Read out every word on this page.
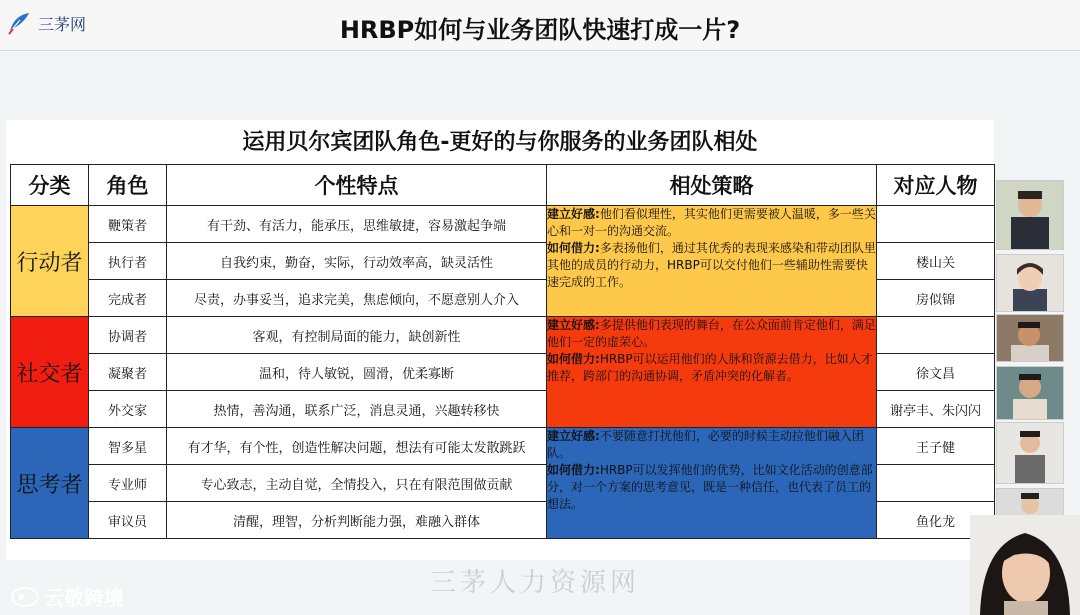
三茅网	HRBP如何与业务团队快速打成一片?
运用贝尔宾团队角色-更好的与你服务的业务团队相处
分类	角色	个性特点	相处策略	对应人物
行动者	鞭策者	有干劲、有活力，能承压，思维敏捷，容易激起争端	建立好感:他们看似理性，其实他们更需要被人温暖，多一些关心和一对一的沟通交流。
如何借力:多表扬他们，通过其优秀的表现来感染和带动团队里其他的成员的行动力，HRBP可以交付他们一些辅助性需要快速完成的工作。	
	执行者	自我约束，勤奋，实际，行动效率高，缺灵活性		楼山关
	完成者	尽责，办事妥当，追求完美，焦虑倾向，不愿意别人介入		房似锦
社交者	协调者	客观，有控制局面的能力，缺创新性	建立好感:多提供他们表现的舞台，在公众面前肯定他们，满足他们一定的虚荣心。
如何借力:HRBP可以运用他们的人脉和资源去借力，比如人才推荐，跨部门的沟通协调，矛盾冲突的化解者。	
	凝聚者	温和，待人敏锐，圆滑，优柔寡断		徐文昌
	外交家	热情，善沟通，联系广泛，消息灵通，兴趣转移快		谢亭丰、朱闪闪
思考者	智多星	有才华，有个性，创造性解决问题，想法有可能太发散跳跃	建立好感:不要随意打扰他们，必要的时候主动拉他们融入团队。
如何借力:HRBP可以发挥他们的优势，比如文化活动的创意部分，对一个方案的思考意见，既是一种信任，也代表了员工的想法。	王子健
	专业师	专心致志，主动自觉，全情投入，只在有限范围做贡献		
	审议员	清醒，理智，分析判断能力强，难融入群体		鱼化龙
三茅人力资源网
云敬跨境
